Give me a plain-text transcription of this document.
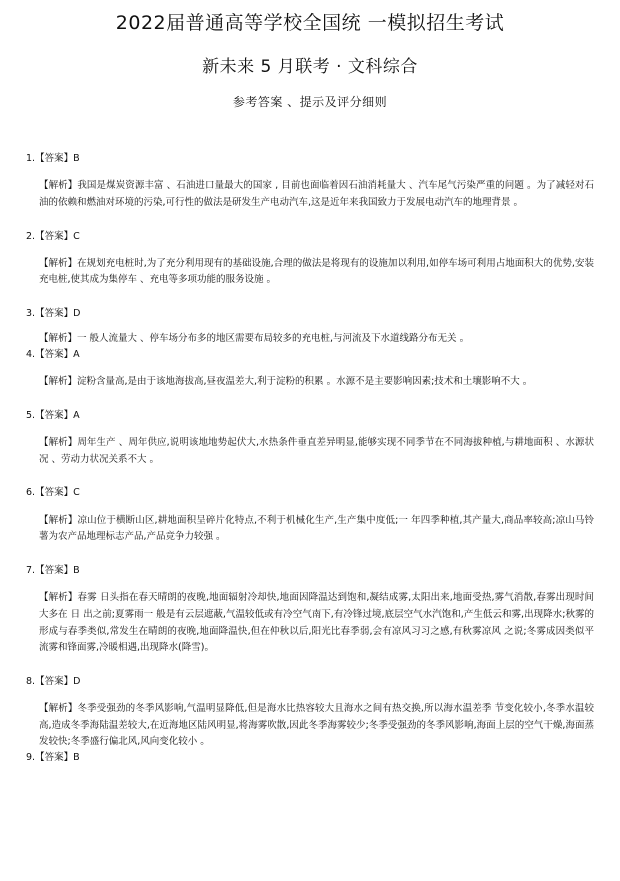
2022届普通高等学校全国统 一模拟招生考试
新未来 5 月联考 · 文科综合
参考答案 、提示及评分细则

1.【答案】B

【解析】我国是煤炭资源丰富 、石油进口量最大的国家 , 目前也面临着因石油消耗量大 、汽车尾气污染严重的问题 。为了减轻对石油的依赖和燃油对环境的污染,可行性的做法是研发生产电动汽车,这是近年来我国致力于发展电动汽车的地理背景 。

2.【答案】C

【解析】在规划充电桩时,为了充分利用现有的基础设施,合理的做法是将现有的设施加以利用,如停车场可利用占地面积大的优势,安装充电桩,使其成为集停车 、充电等多项功能的服务设施 。

3.【答案】D

【解析】一 般人流量大 、停车场分布多的地区需要布局较多的充电桩,与河流及下水道线路分布无关 。

4.【答案】A

【解析】淀粉含量高,是由于该地海拔高,昼夜温差大,利于淀粉的积累 。水源不是主要影响因素;技术和土壤影响不大 。

5.【答案】A

【解析】周年生产 、周年供应,说明该地地势起伏大,水热条件垂直差异明显,能够实现不同季节在不同海拔种植,与耕地面积 、水源状况 、劳动力状况关系不大 。

6.【答案】C

【解析】凉山位于横断山区,耕地面积呈碎片化特点,不利于机械化生产,生产集中度低;一 年四季种植,其产量大,商品率较高;凉山马铃薯为农产品地理标志产品,产品竞争力较强 。

7.【答案】B

【解析】春雾 日头指在春天晴朗的夜晚,地面辐射冷却快,地面因降温达到饱和,凝结成雾,太阳出来,地面受热,雾气消散,春雾出现时间大多在 日 出之前;夏雾雨一 般是有云层遮蔽,气温较低或有冷空气南下,有冷锋过境,底层空气水汽饱和,产生低云和雾,出现降水;秋雾的形成与春季类似,常发生在晴朗的夜晚,地面降温快,但在仲秋以后,阳光比春季弱,会有凉风习习之感,有秋雾凉风 之说;冬雾成因类似平流雾和锋面雾,冷暖相遇,出现降水(降雪)。

8.【答案】D

【解析】冬季受强劲的冬季风影响,气温明显降低,但是海水比热容较大且海水之间有热交换,所以海水温差季 节变化较小,冬季水温较高,造成冬季海陆温差较大,在近海地区陆风明显,将海雾吹散,因此冬季海雾较少;冬季受强劲的冬季风影响,海面上层的空气干燥,海面蒸发较快;冬季盛行偏北风,风向变化较小 。

9.【答案】B
